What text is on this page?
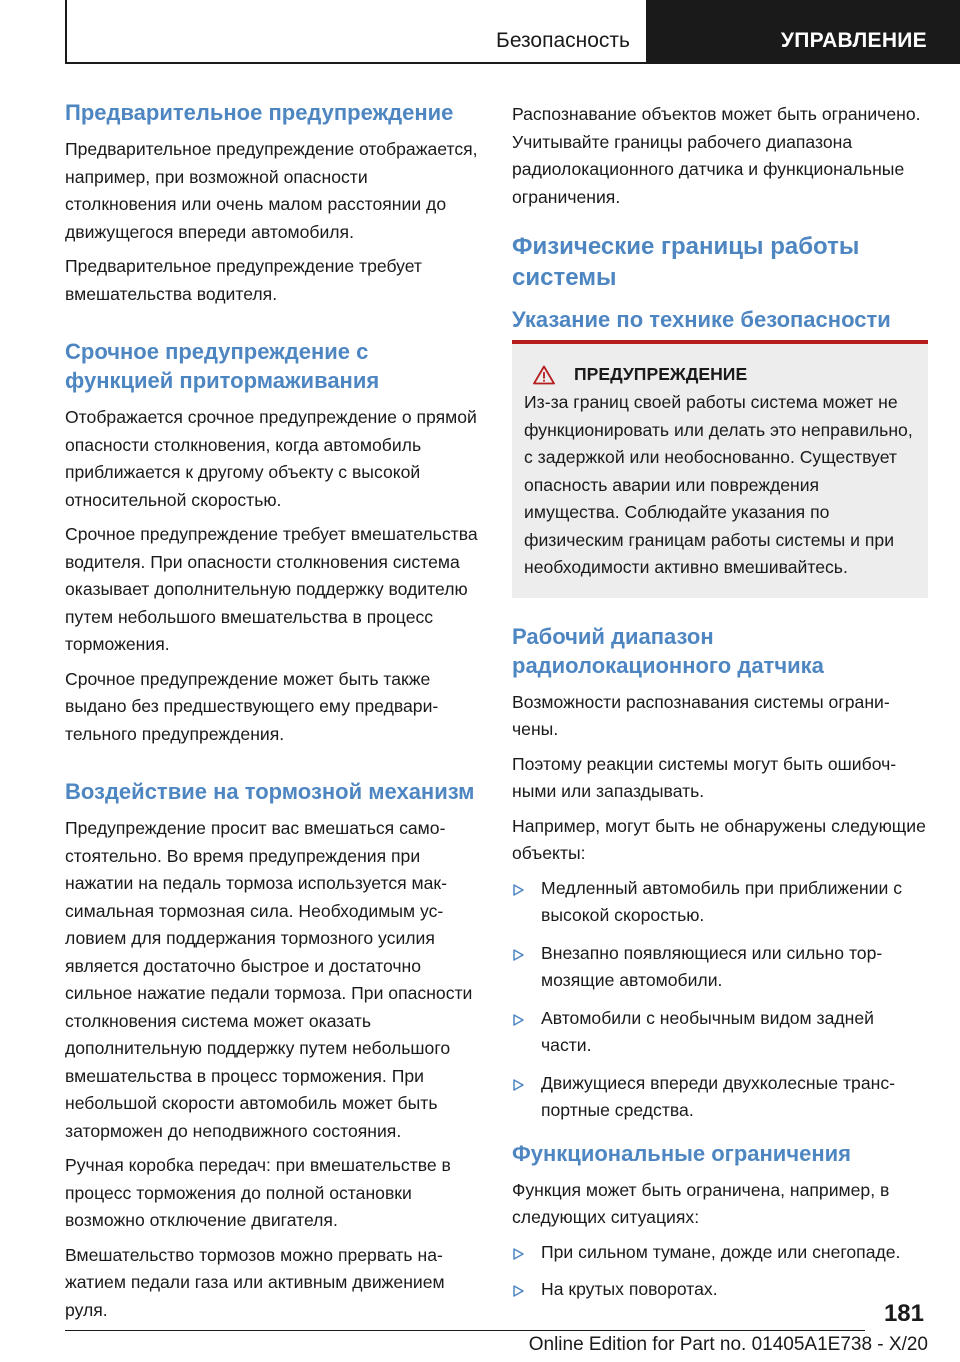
Безопасность	УПРАВЛЕНИЕ
Предварительное предупреждение

Предварительное предупреждение отображается, например, при возможной опасности столкновения или очень малом расстоянии до движущегося впереди автомобиля.

Предварительное предупреждение требует вмешательства водителя.

Срочное предупреждение с функцией притормаживания

Отображается срочное предупреждение о прямой опасности столкновения, когда автомобиль приближается к другому объекту с высокой относительной скоростью.

Срочное предупреждение требует вмешательства водителя. При опасности столкновения система оказывает дополнительную поддержку водителю путем небольшого вмешательства в процесс торможения.

Срочное предупреждение может быть также выдано без предшествующего ему предварительного предупреждения.

Воздействие на тормозной механизм

Предупреждение просит вас вмешаться самостоятельно. Во время предупреждения при нажатии на педаль тормоза используется максимальная тормозная сила. Необходимым условием для поддержания тормозного усилия является достаточно быстрое и достаточно сильное нажатие педали тормоза. При опасности столкновения система может оказать дополнительную поддержку путем небольшого вмешательства в процесс торможения. При небольшой скорости автомобиль может быть заторможен до неподвижного состояния.

Ручная коробка передач: при вмешательстве в процесс торможения до полной остановки возможно отключение двигателя.

Вмешательство тормозов можно прервать нажатием педали газа или активным движением руля.

Распознавание объектов может быть ограничено. Учитывайте границы рабочего диапазона радиолокационного датчика и функциональные ограничения.

Физические границы работы системы
Указание по технике безопасности
ПРЕДУПРЕЖДЕНИЕ
Из-за границ своей работы система может не функционировать или делать это неправильно, с задержкой или необоснованно. Существует опасность аварии или повреждения имущества. Соблюдайте указания по физическим границам работы системы и при необходимости активно вмешивайтесь.
Рабочий диапазон радиолокационного датчика

Возможности распознавания системы ограничены.

Поэтому реакции системы могут быть ошибочными или запаздывать.

Например, могут быть не обнаружены следующие объекты:

Медленный автомобиль при приближении с высокой скоростью.
Внезапно появляющиеся или сильно тормозящие автомобили.
Автомобили с необычным видом задней части.
Движущиеся впереди двухколесные транспортные средства.
Функциональные ограничения

Функция может быть ограничена, например, в следующих ситуациях:

При сильном тумане, дожде или снегопаде.
На крутых поворотах.
181
Online Edition for Part no. 01405A1E738 - X/20
